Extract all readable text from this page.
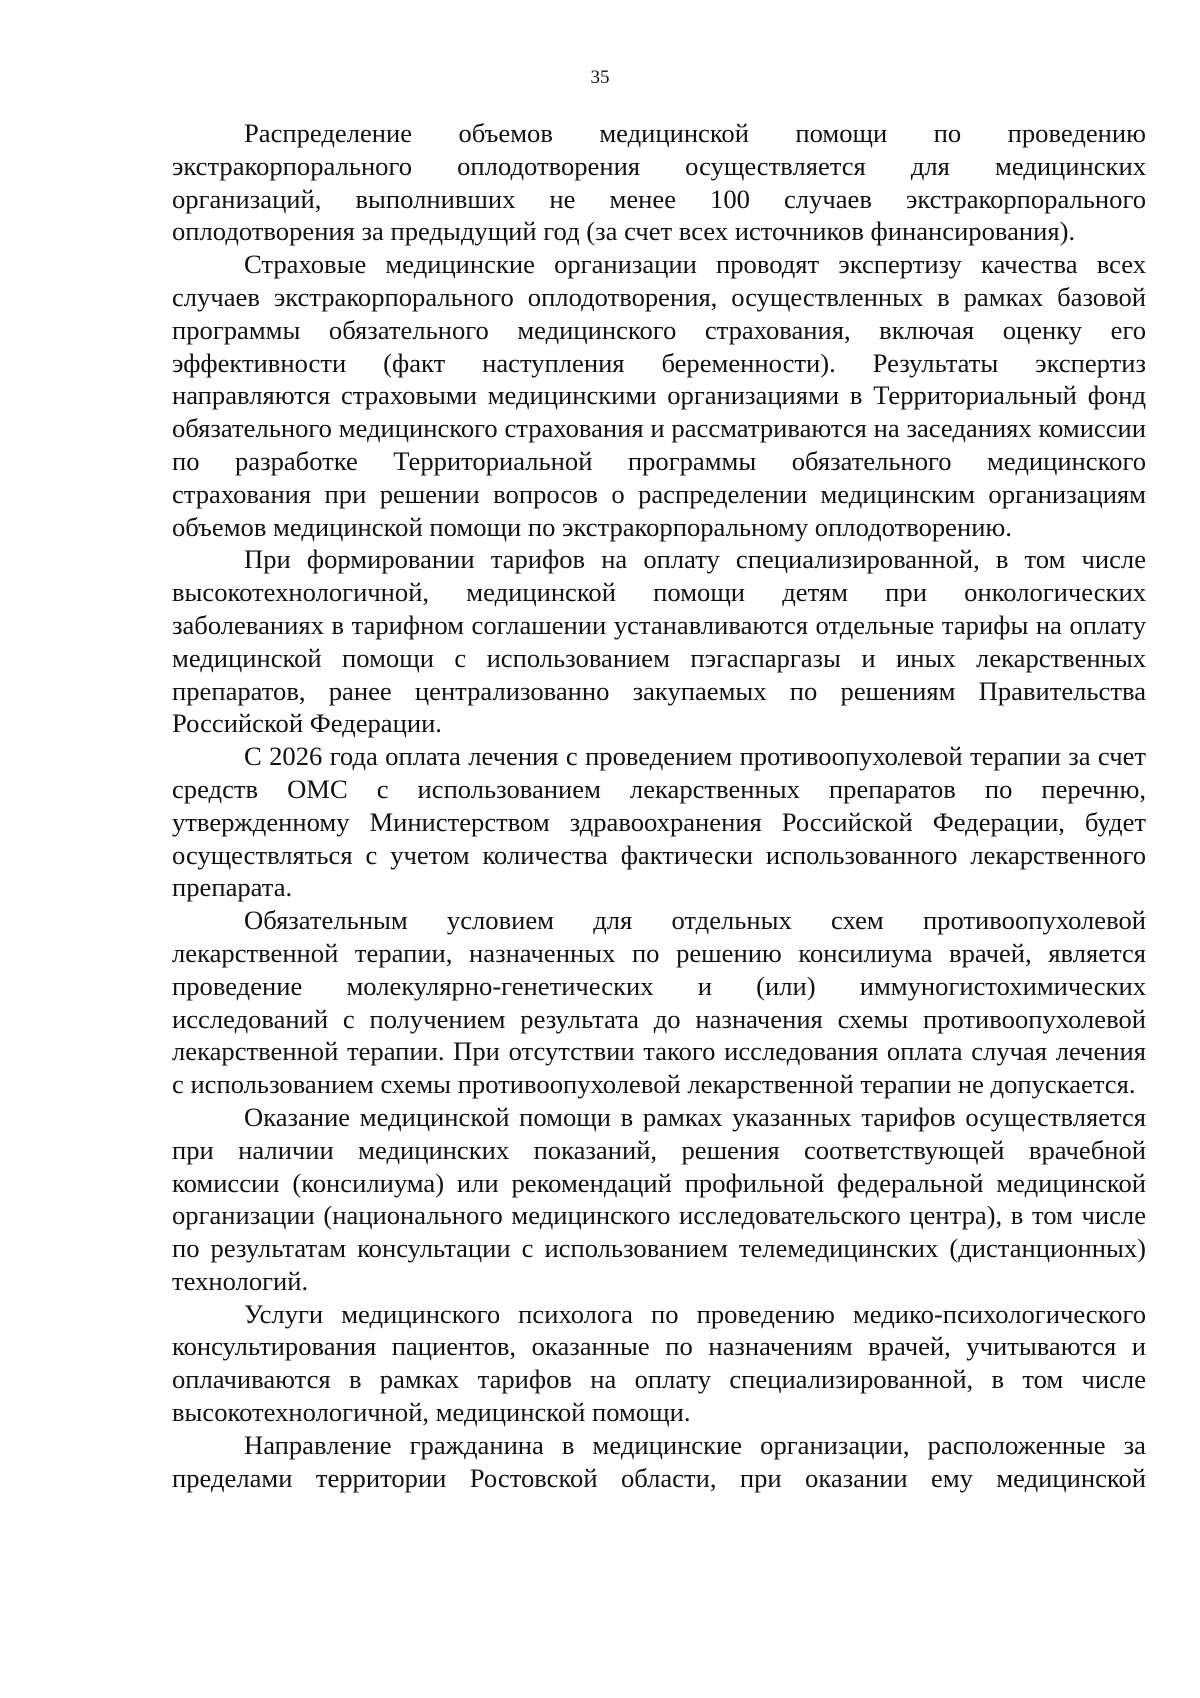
35

Распределение объемов медицинской помощи по проведению экстракорпорального оплодотворения осуществляется для медицинских организаций, выполнивших не менее 100 случаев экстракорпорального оплодотворения за предыдущий год (за счет всех источников финансирования).

Страховые медицинские организации проводят экспертизу качества всех случаев экстракорпорального оплодотворения, осуществленных в рамках базовой программы обязательного медицинского страхования, включая оценку его эффективности (факт наступления беременности). Результаты экспертиз направляются страховыми медицинскими организациями в Территориальный фонд обязательного медицинского страхования и рассматриваются на заседаниях комиссии по разработке Территориальной программы обязательного медицинского страхования при решении вопросов о распределении медицинским организациям объемов медицинской помощи по экстракорпоральному оплодотворению.

При формировании тарифов на оплату специализированной, в том числе высокотехнологичной, медицинской помощи детям при онкологических заболеваниях в тарифном соглашении устанавливаются отдельные тарифы на оплату медицинской помощи с использованием пэгаспаргазы и иных лекарственных препаратов, ранее централизованно закупаемых по решениям Правительства Российской Федерации.

С 2026 года оплата лечения с проведением противоопухолевой терапии за счет средств ОМС с использованием лекарственных препаратов по перечню, утвержденному Министерством здравоохранения Российской Федерации, будет осуществляться с учетом количества фактически использованного лекарственного препарата.

Обязательным условием для отдельных схем противоопухолевой лекарственной терапии, назначенных по решению консилиума врачей, является проведение молекулярно-генетических и (или) иммуногистохимических исследований с получением результата до назначения схемы противоопухолевой лекарственной терапии. При отсутствии такого исследования оплата случая лечения с использованием схемы противоопухолевой лекарственной терапии не допускается.

Оказание медицинской помощи в рамках указанных тарифов осуществляется при наличии медицинских показаний, решения соответствующей врачебной комиссии (консилиума) или рекомендаций профильной федеральной медицинской организации (национального медицинского исследовательского центра), в том числе по результатам консультации с использованием телемедицинских (дистанционных) технологий.

Услуги медицинского психолога по проведению медико-психологического консультирования пациентов, оказанные по назначениям врачей, учитываются и оплачиваются в рамках тарифов на оплату специализированной, в том числе высокотехнологичной, медицинской помощи.

Направление гражданина в медицинские организации, расположенные за пределами территории Ростовской области, при оказании ему медицинской
